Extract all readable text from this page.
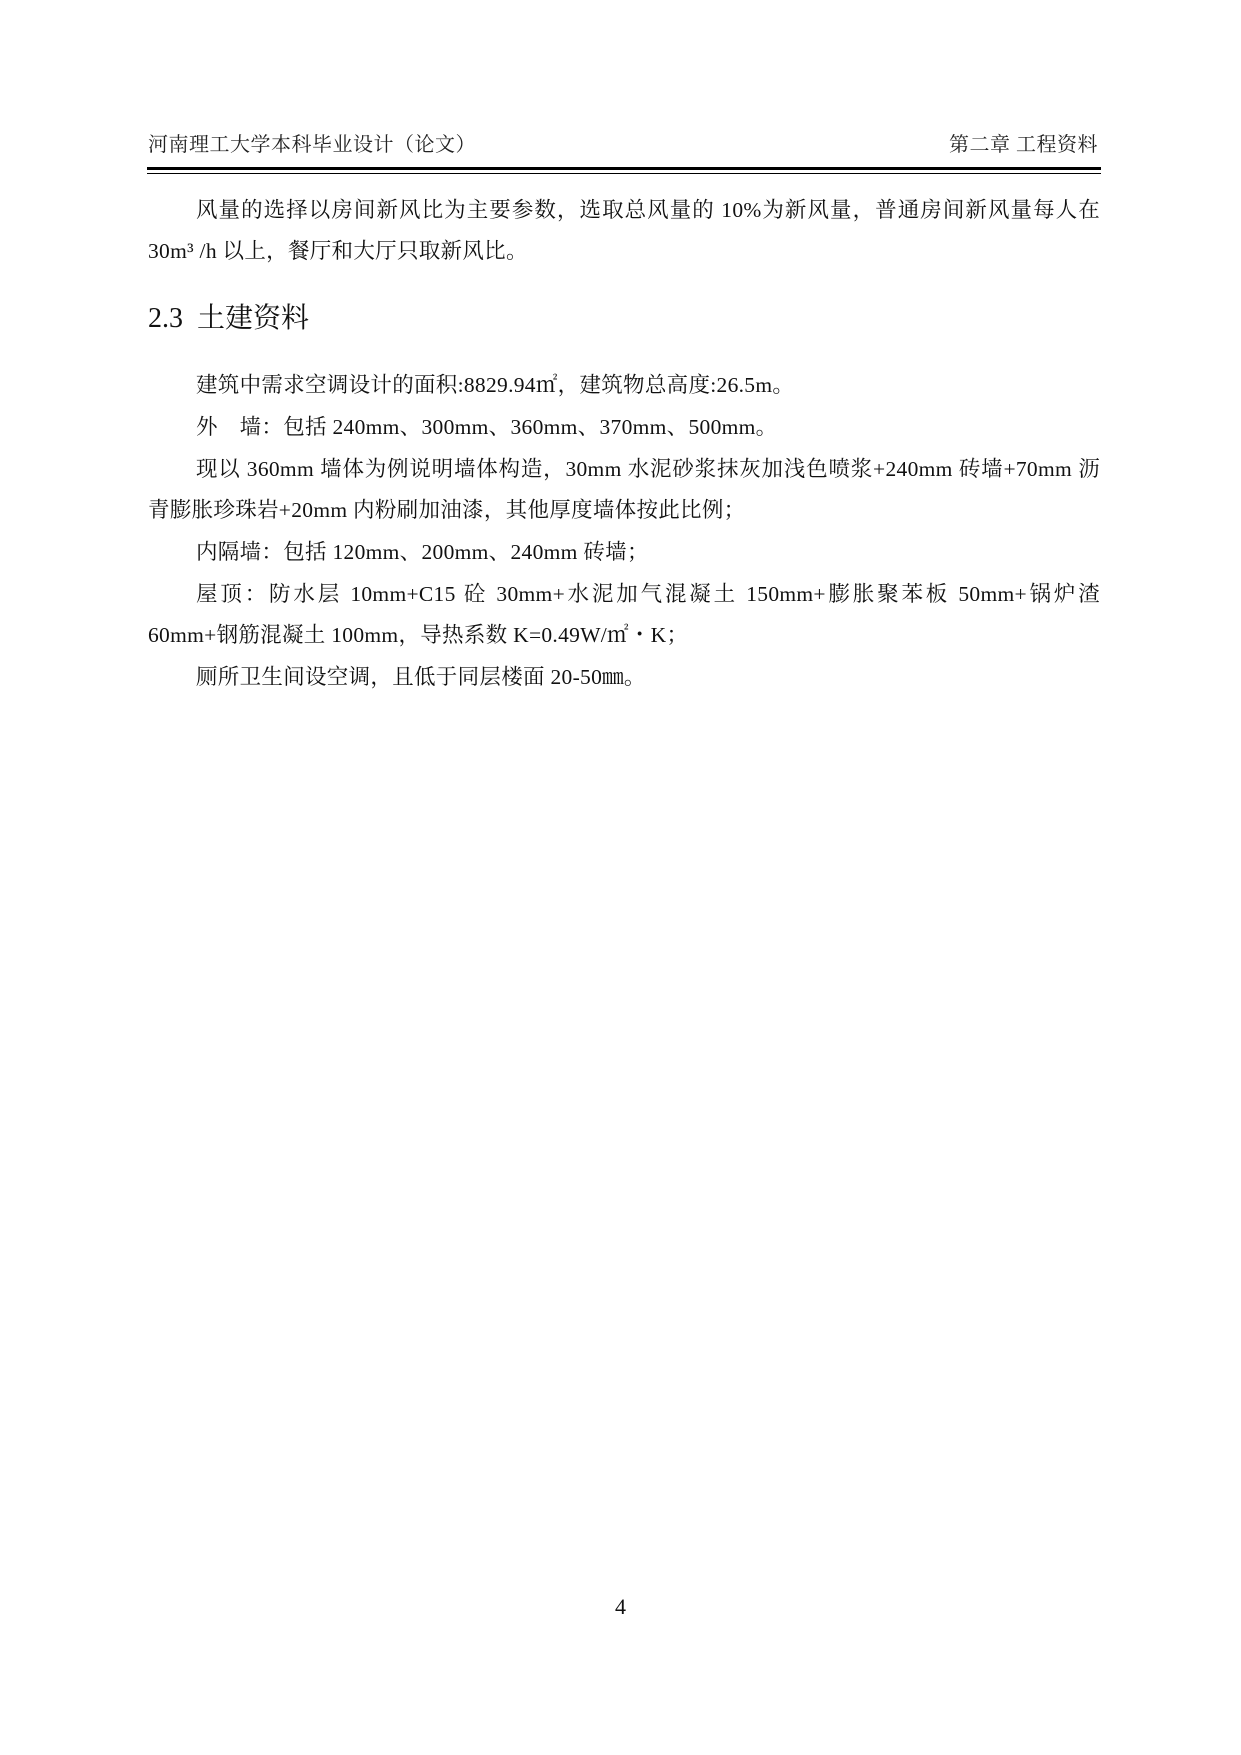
河南理工大学本科毕业设计（论文）	第二章 工程资料

风量的选择以房间新风比为主要参数，选取总风量的 10%为新风量，普通房间新风量每人在 30m³ /h 以上，餐厅和大厅只取新风比。

2.3 土建资料

建筑中需求空调设计的面积:8829.94㎡，建筑物总高度:26.5m。

外　墙：包括 240mm、300mm、360mm、370mm、500mm。

现以 360mm 墙体为例说明墙体构造，30mm 水泥砂浆抹灰加浅色喷浆+240mm 砖墙+70mm 沥青膨胀珍珠岩+20mm 内粉刷加油漆，其他厚度墙体按此比例；

内隔墙：包括 120mm、200mm、240mm 砖墙；

屋顶：防水层 10mm+C15 砼 30mm+水泥加气混凝土 150mm+膨胀聚苯板 50mm+锅炉渣 60mm+钢筋混凝土 100mm，导热系数 K=0.49W/㎡・K；

厕所卫生间设空调，且低于同层楼面 20-50㎜。

4
